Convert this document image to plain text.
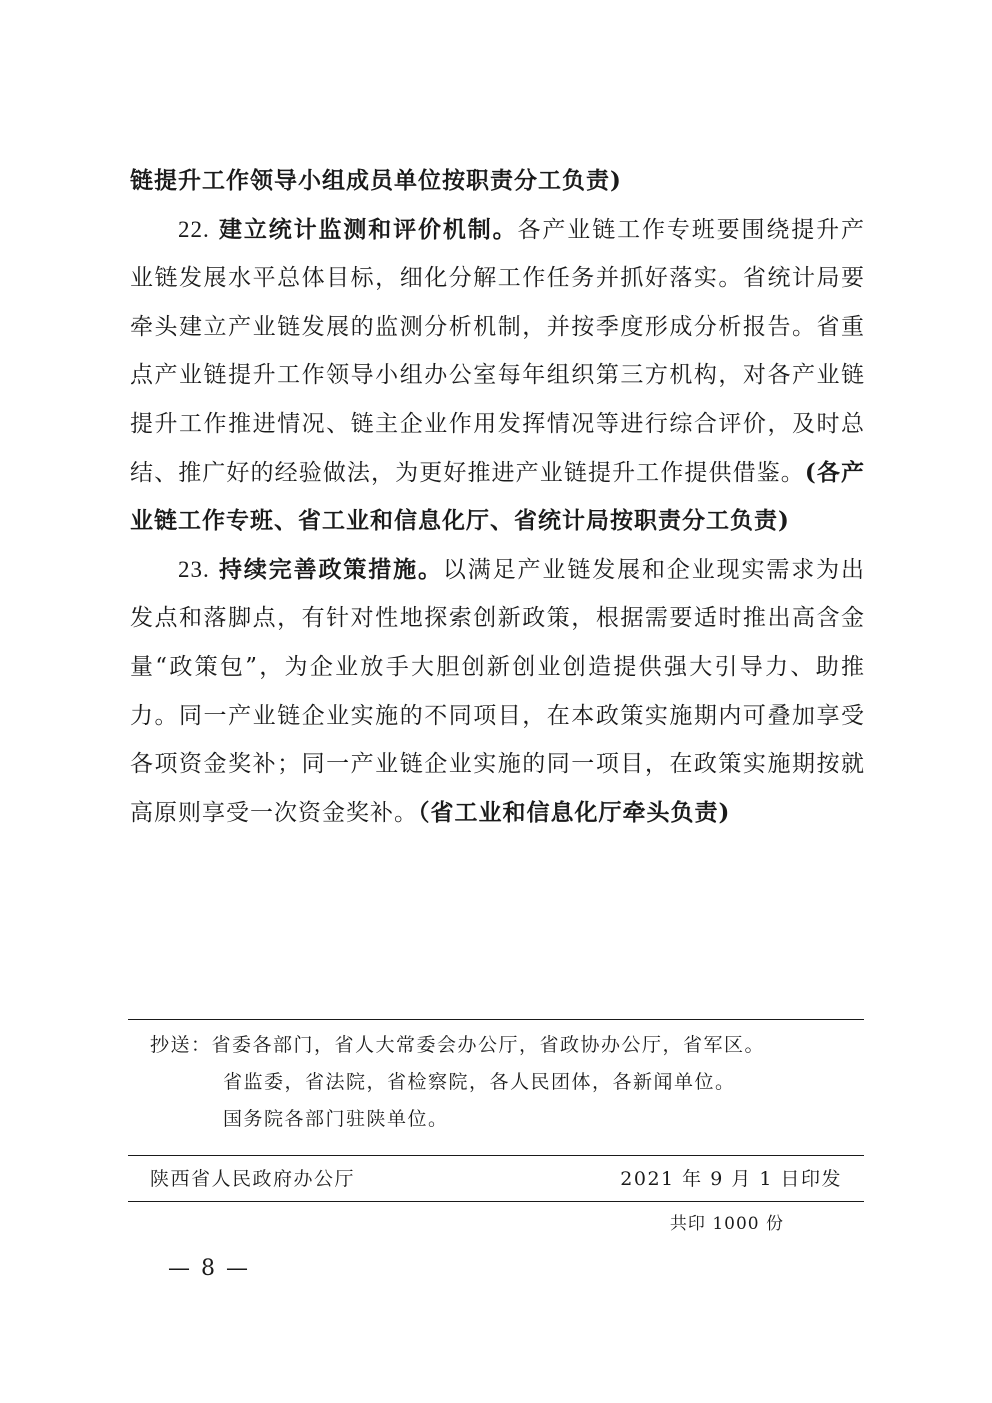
链提升工作领导小组成员单位按职责分工负责)

22. 建立统计监测和评价机制。各产业链工作专班要围绕提升产业链发展水平总体目标，细化分解工作任务并抓好落实。省统计局要牵头建立产业链发展的监测分析机制，并按季度形成分析报告。省重点产业链提升工作领导小组办公室每年组织第三方机构，对各产业链提升工作推进情况、链主企业作用发挥情况等进行综合评价，及时总结、推广好的经验做法，为更好推进产业链提升工作提供借鉴。(各产业链工作专班、省工业和信息化厅、省统计局按职责分工负责)

23. 持续完善政策措施。以满足产业链发展和企业现实需求为出发点和落脚点，有针对性地探索创新政策，根据需要适时推出高含金量“政策包”，为企业放手大胆创新创业创造提供强大引导力、助推力。同一产业链企业实施的不同项目，在本政策实施期内可叠加享受各项资金奖补；同一产业链企业实施的同一项目，在政策实施期按就高原则享受一次资金奖补。（省工业和信息化厅牵头负责)

抄送：省委各部门，省人大常委会办公厅，省政协办公厅，省军区。
省监委，省法院，省检察院，各人民团体，各新闻单位。
国务院各部门驻陕单位。
陕西省人民政府办公厅	2021 年 9 月 1 日印发
共印 1000 份
— 8 —
